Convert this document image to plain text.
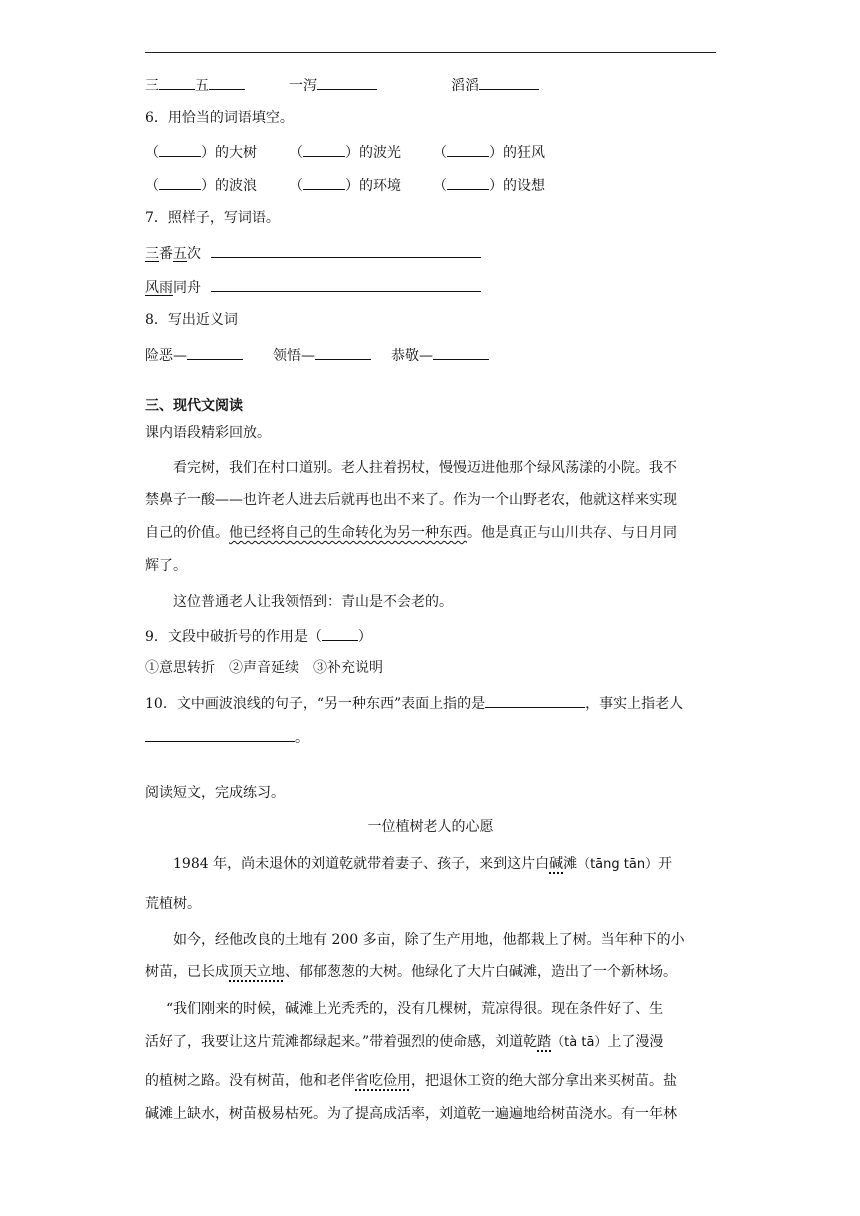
三	五	一泻	滔滔
6．用恰当的词语填空。
（	）的大树 （	）的波光 （	）的狂风
（	）的波浪 （	）的环境 （	）的设想
7．照样子，写词语。
三番五次
风雨同舟
8．写出近义词
险恶—	领悟—	恭敬—
三、现代文阅读
课内语段精彩回放。
看完树，我们在村口道别。老人拄着拐杖，慢慢迈进他那个绿风荡漾的小院。我不
禁鼻子一酸——也许老人进去后就再也出不来了。作为一个山野老农，他就这样来实现
自己的价值。他已经将自己的生命转化为另一种东西。他是真正与山川共存、与日月同
辉了。
这位普通老人让我领悟到：青山是不会老的。
9．文段中破折号的作用是（	）
①意思转折　②声音延续　③补充说明
10．文中画波浪线的句子，“另一种东西”表面上指的是	，事实上指老人
。
阅读短文，完成练习。
一位植树老人的心愿
1984 年，尚未退休的刘道乾就带着妻子、孩子，来到这片白碱滩（tāng tān）开
荒植树。
如今，经他改良的土地有 200 多亩，除了生产用地，他都栽上了树。当年种下的小
树苗，已长成顶天立地、郁郁葱葱的大树。他绿化了大片白碱滩，造出了一个新林场。
“我们刚来的时候，碱滩上光秃秃的，没有几棵树，荒凉得很。现在条件好了、生
活好了，我要让这片荒滩都绿起来。”带着强烈的使命感，刘道乾踏（tà tā）上了漫漫
的植树之路。没有树苗，他和老伴省吃俭用，把退休工资的绝大部分拿出来买树苗。盐
碱滩上缺水，树苗极易枯死。为了提高成活率，刘道乾一遍遍地给树苗浇水。有一年林
